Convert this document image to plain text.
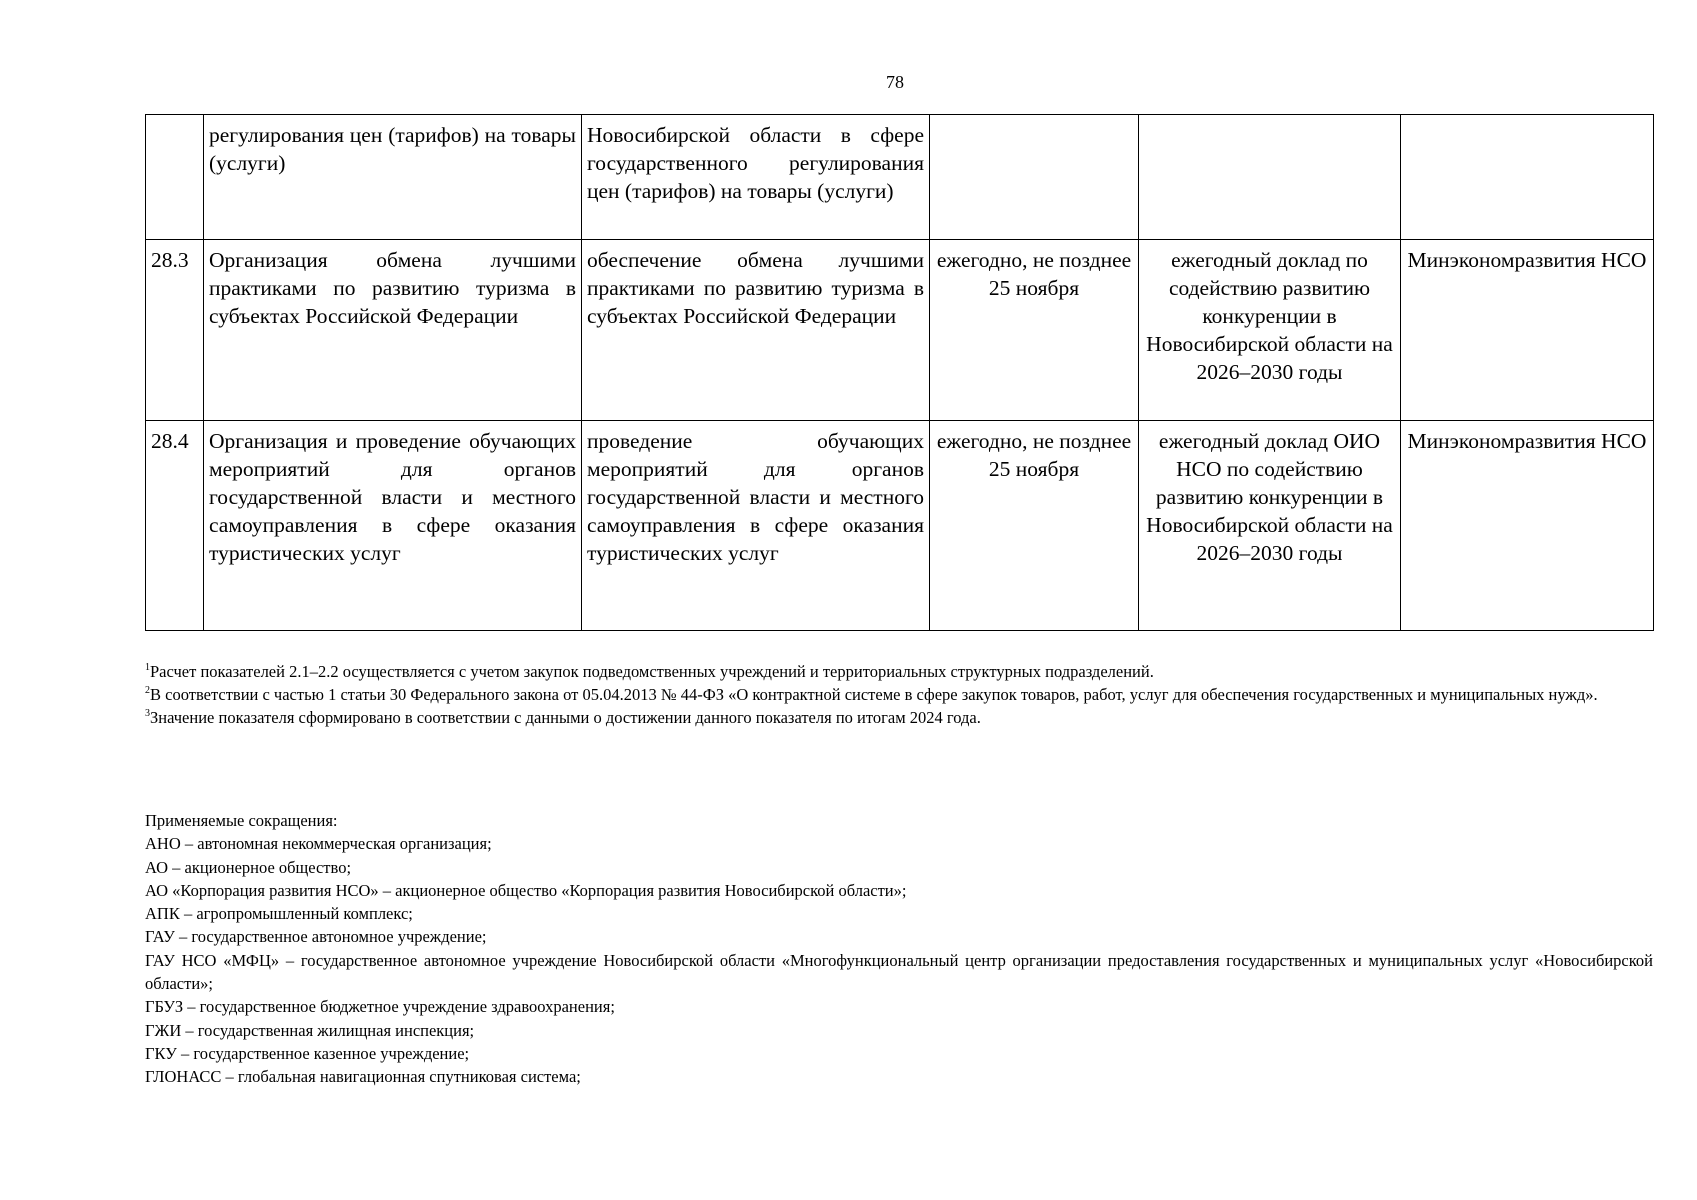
78
	регулирования цен (тарифов) на товары (услуги)	Новосибирской области в сфере государственного регулирования цен (тарифов) на товары (услуги)			
28.3	Организация обмена лучшими практиками по развитию туризма в субъектах Российской Федерации	обеспечение обмена лучшими практиками по развитию туризма в субъектах Российской Федерации	ежегодно, не позднее 25 ноября	ежегодный доклад по содействию развитию конкуренции в Новосибирской области на 2026–2030 годы	Минэкономразвития НСО
28.4	Организация и проведение обучающих мероприятий для органов государственной власти и местного самоуправления в сфере оказания туристических услуг	проведение обучающих мероприятий для органов государственной власти и местного самоуправления в сфере оказания туристических услуг	ежегодно, не позднее 25 ноября	ежегодный доклад ОИО НСО по содействию развитию конкуренции в Новосибирской области на 2026–2030 годы	Минэкономразвития НСО

$^1$Расчет показателей 2.1–2.2 осуществляется с учетом закупок подведомственных учреждений и территориальных структурных подразделений.

$^2$В соответствии с частью 1 статьи 30 Федерального закона от 05.04.2013 № 44-ФЗ «О контрактной системе в сфере закупок товаров, работ, услуг для обеспечения государственных и муниципальных нужд».

$^3$Значение показателя сформировано в соответствии с данными о достижении данного показателя по итогам 2024 года.

Применяемые сокращения:

АНО – автономная некоммерческая организация;

АО – акционерное общество;

АО «Корпорация развития НСО» – акционерное общество «Корпорация развития Новосибирской области»;

АПК – агропромышленный комплекс;

ГАУ – государственное автономное учреждение;

ГАУ НСО «МФЦ» – государственное автономное учреждение Новосибирской области «Многофункциональный центр организации предоставления государственных и муниципальных услуг «Новосибирской области»;

ГБУЗ – государственное бюджетное учреждение здравоохранения;

ГЖИ – государственная жилищная инспекция;

ГКУ – государственное казенное учреждение;

ГЛОНАСС – глобальная навигационная спутниковая система;
